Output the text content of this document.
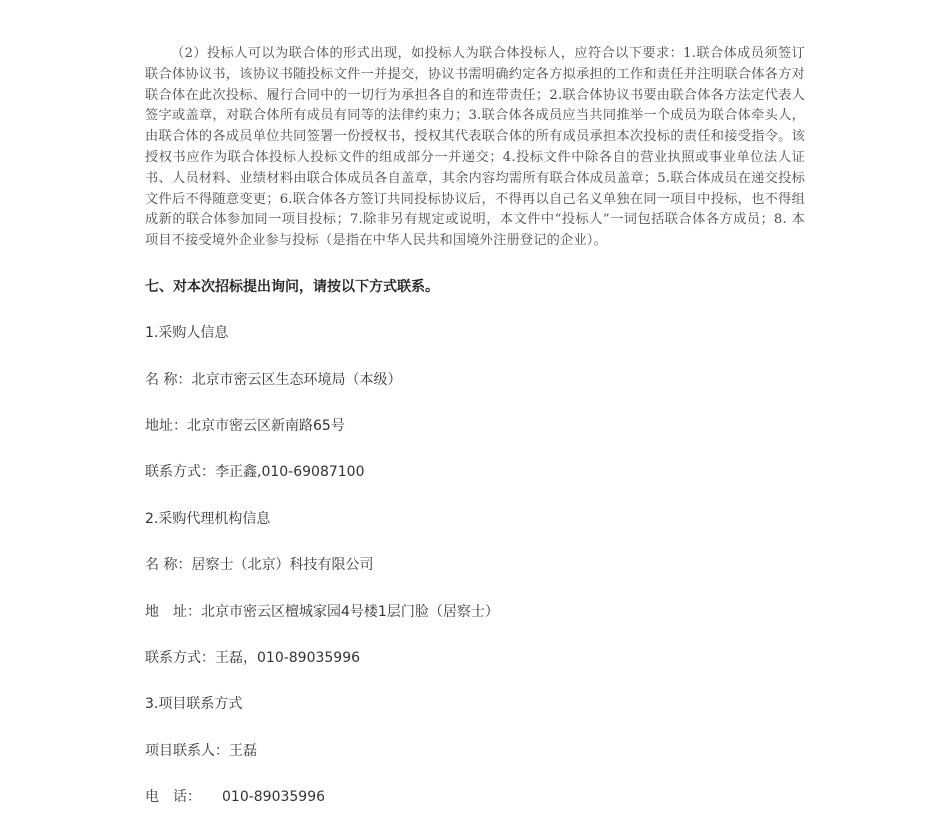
（2）投标人可以为联合体的形式出现，如投标人为联合体投标人，应符合以下要求：1.联合体成员须签订联合体协议书，该协议书随投标文件一并提交，协议书需明确约定各方拟承担的工作和责任并注明联合体各方对联合体在此次投标、履行合同中的一切行为承担各自的和连带责任；2.联合体协议书要由联合体各方法定代表人签字或盖章，对联合体所有成员有同等的法律约束力；3.联合体各成员应当共同推举一个成员为联合体牵头人，由联合体的各成员单位共同签署一份授权书，授权其代表联合体的所有成员承担本次投标的责任和接受指令。该授权书应作为联合体投标人投标文件的组成部分一并递交；4.投标文件中除各自的营业执照或事业单位法人证书、人员材料、业绩材料由联合体成员各自盖章，其余内容均需所有联合体成员盖章；5.联合体成员在递交投标文件后不得随意变更；6.联合体各方签订共同投标协议后，不得再以自己名义单独在同一项目中投标，也不得组成新的联合体参加同一项目投标；7.除非另有规定或说明，本文件中“投标人”一词包括联合体各方成员；8. 本项目不接受境外企业参与投标（是指在中华人民共和国境外注册登记的企业）。

七、对本次招标提出询问，请按以下方式联系。
1.采购人信息
名 称：北京市密云区生态环境局（本级）
地址：北京市密云区新南路65号
联系方式：李正鑫,010-69087100
2.采购代理机构信息
名 称：居察士（北京）科技有限公司
地　址：北京市密云区檀城家园4号楼1层门脸（居察士）
联系方式：王磊，010-89035996
3.项目联系方式
项目联系人：王磊
电　话：　　010-89035996
